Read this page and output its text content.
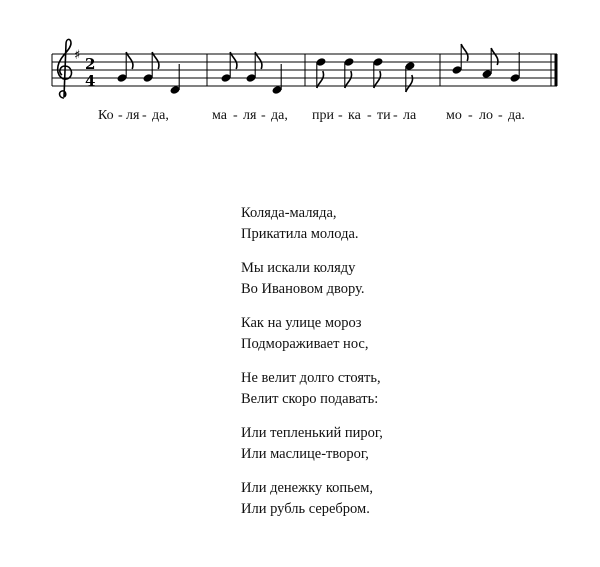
♯ 2
4
Ко - ля - да,	ма - ля - да, при - ка - ти - ла мо - ло - да.
Коляда-маляда,
Прикатила молода.
Мы искали коляду
Во Ивановом двору.
Как на улице мороз
Подмораживает нос,
Не велит долго стоять,
Велит скоро подавать:
Или тепленький пирог,
Или маслице-творог,
Или денежку копьем,
Или рубль серебром.
